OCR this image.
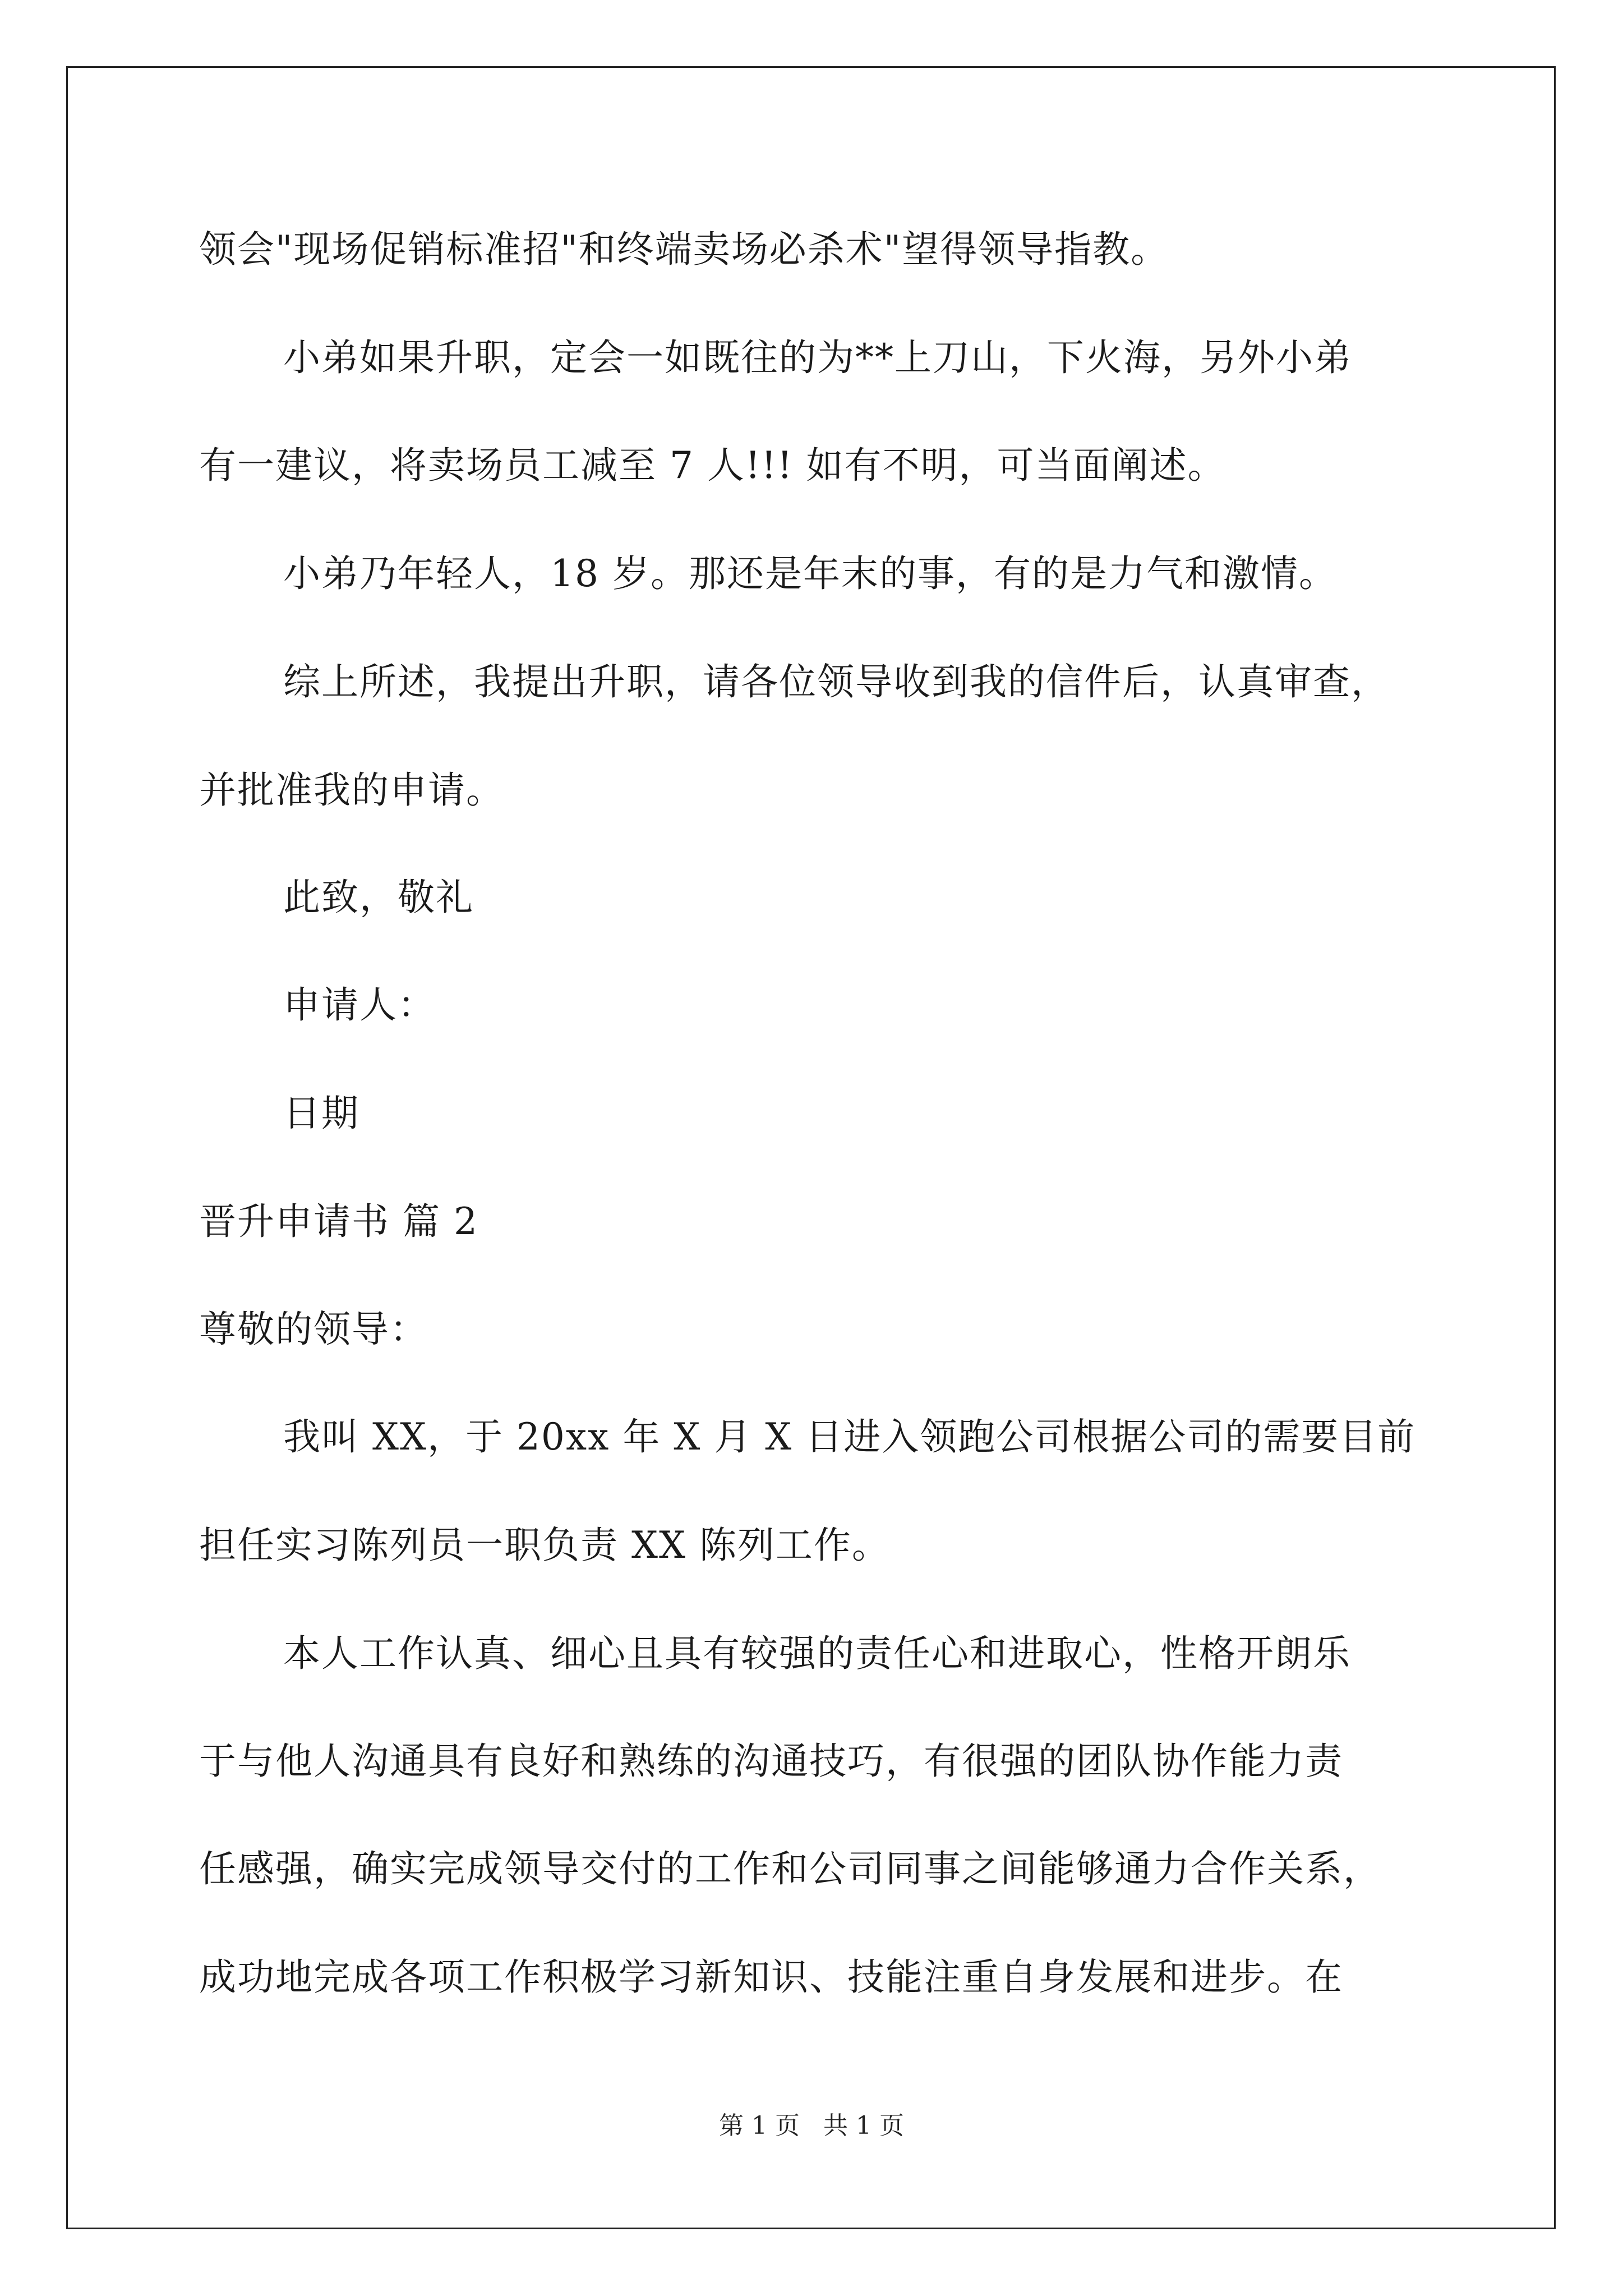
领会"现场促销标准招"和终端卖场必杀术"望得领导指教。
小弟如果升职，定会一如既往的为**上刀山，下火海，另外小弟
有一建议，将卖场员工减至 7 人!!! 如有不明，可当面阐述。
小弟乃年轻人，18 岁。那还是年末的事，有的是力气和激情。
综上所述，我提出升职，请各位领导收到我的信件后，认真审查，
并批准我的申请。
此致，敬礼
申请人：
日期
晋升申请书 篇 2
尊敬的领导：
我叫 XX，于 20xx 年 X 月 X 日进入领跑公司根据公司的需要目前
担任实习陈列员一职负责 XX 陈列工作。
本人工作认真、细心且具有较强的责任心和进取心，性格开朗乐
于与他人沟通具有良好和熟练的沟通技巧，有很强的团队协作能力责
任感强，确实完成领导交付的工作和公司同事之间能够通力合作关系，
成功地完成各项工作积极学习新知识、技能注重自身发展和进步。在
第 1 页   共 1 页
